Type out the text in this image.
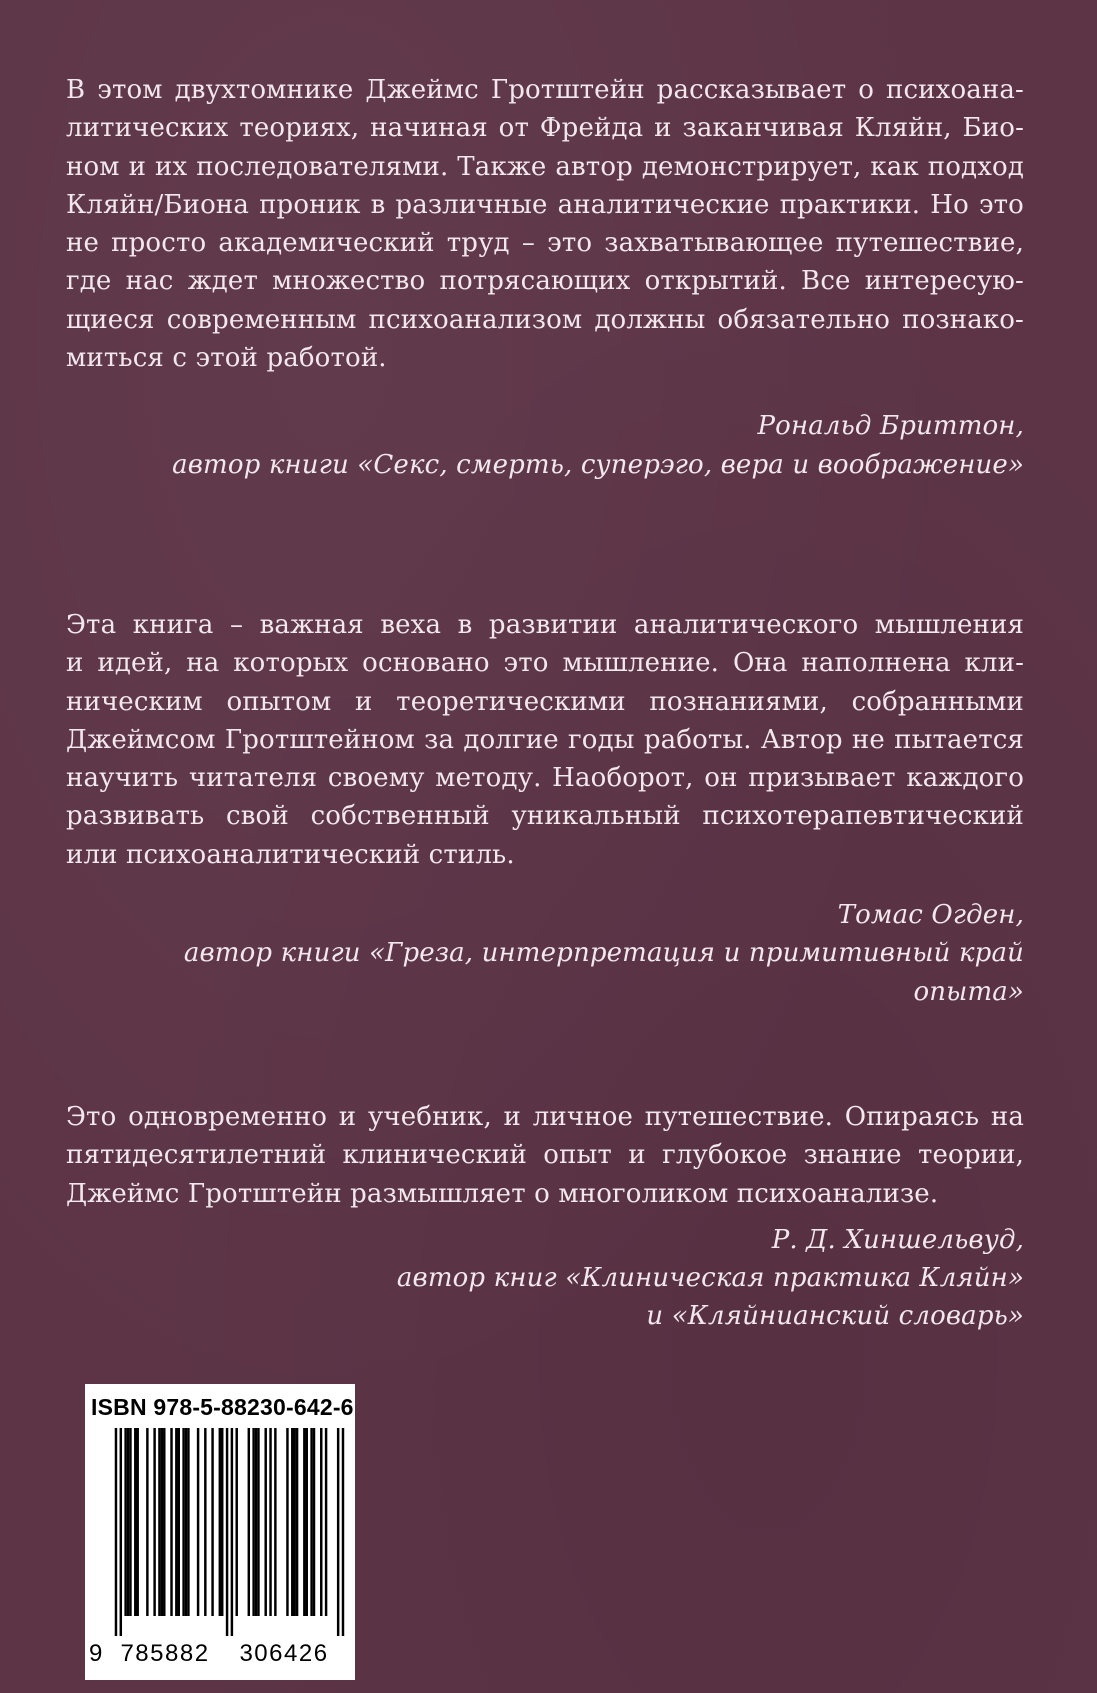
В этом двухтомнике Джеймс Гротштейн рассказывает о психоана-
литических теориях, начиная от Фрейда и заканчивая Кляйн, Био-
ном и их последователями. Также автор демонстрирует, как подход
Кляйн/Биона проник в различные аналитические практики. Но это
не просто академический труд – это захватывающее путешествие,
где нас ждет множество потрясающих открытий. Все интересую-
щиеся современным психоанализом должны обязательно познако-
миться с этой работой.

Рональд Бриттон,
автор книги «Секс, смерть, суперэго, вера и воображение»

Эта книга – важная веха в развитии аналитического мышления
и идей, на которых основано это мышление. Она наполнена кли-
ническим опытом и теоретическими познаниями, собранными
Джеймсом Гротштейном за долгие годы работы. Автор не пытается
научить читателя своему методу. Наоборот, он призывает каждого
развивать свой собственный уникальный психотерапевтический
или психоаналитический стиль.

Томас Огден,
автор книги «Греза, интерпретация и примитивный край опыта»

Это одновременно и учебник, и личное путешествие. Опираясь на
пятидесятилетний клинический опыт и глубокое знание теории,
Джеймс Гротштейн размышляет о многоликом психоанализе.

Р. Д. Хиншельвуд,
автор книг «Клиническая практика Кляйн»
и «Кляйнианский словарь»

ISBN 978-5-88230-642-6
9 785882	306426
